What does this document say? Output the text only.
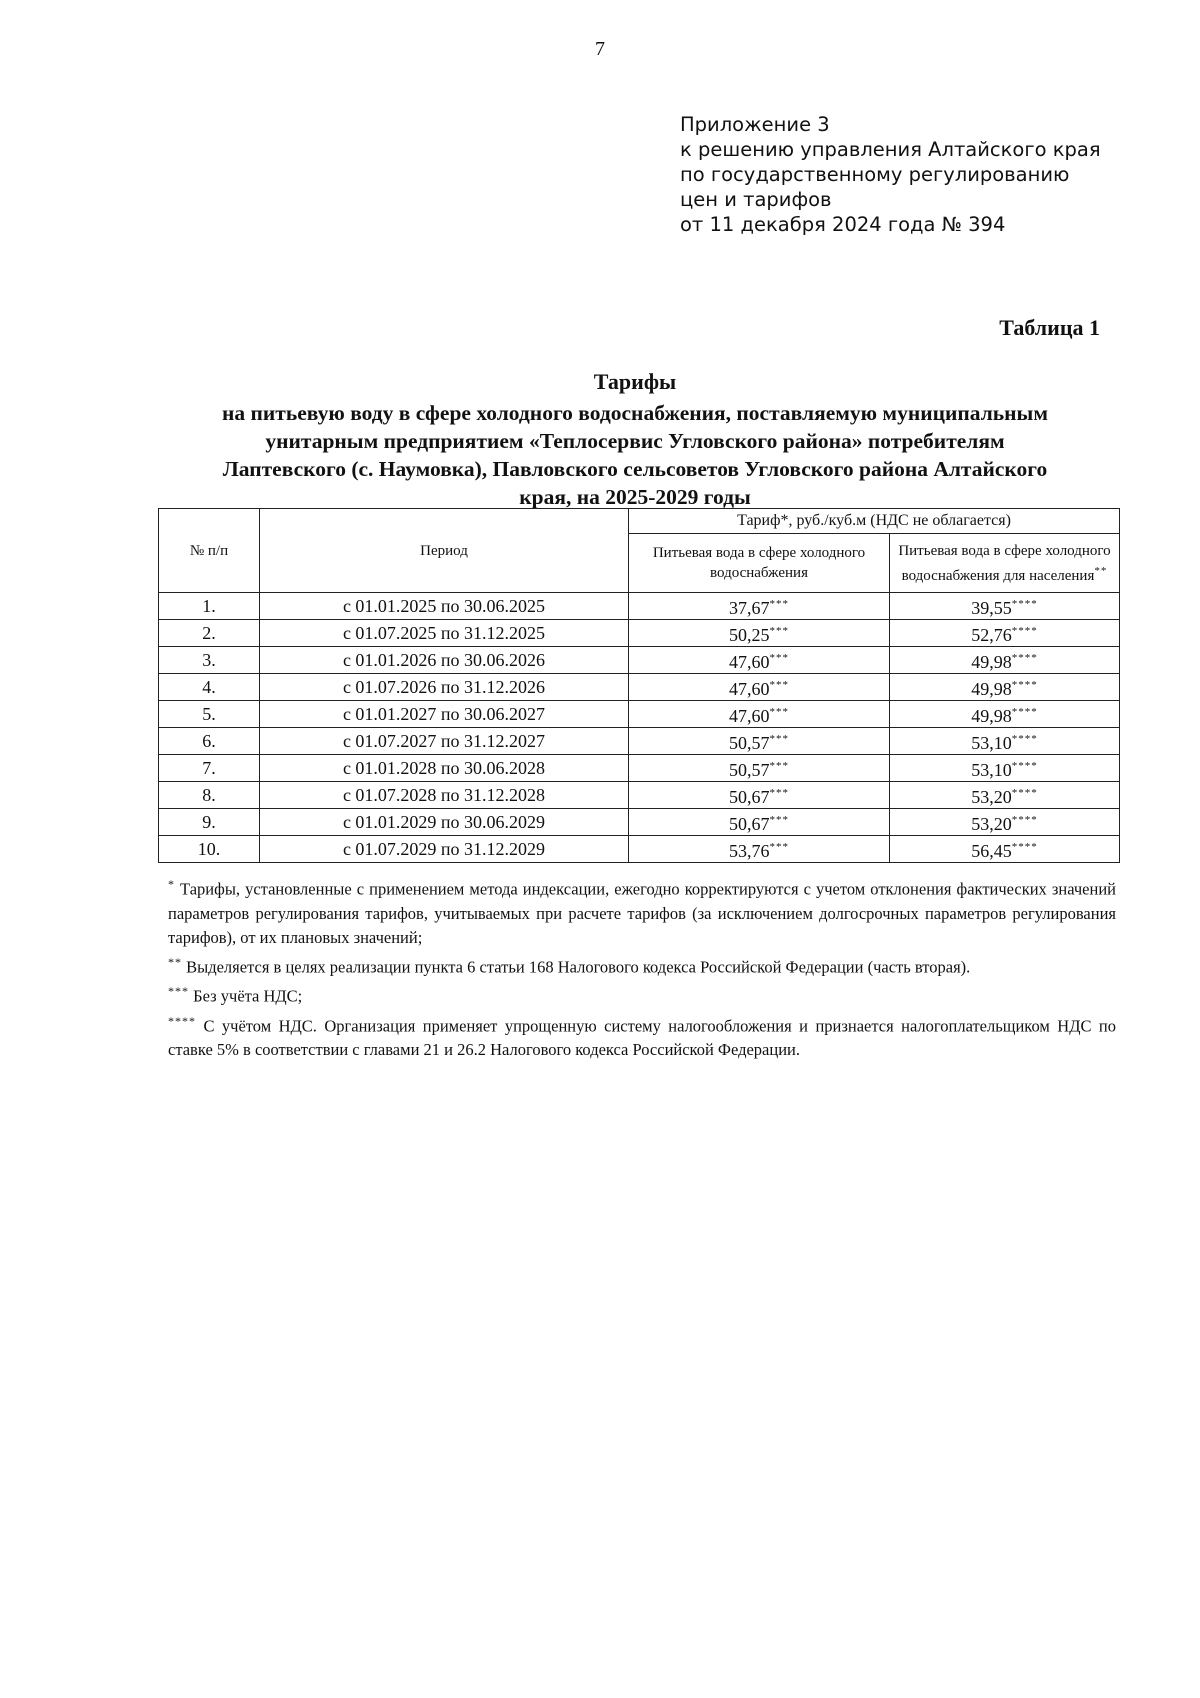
7
Приложение 3
к решению управления Алтайского края
по государственному регулированию
цен и тарифов
от 11 декабря 2024 года № 394
Таблица 1
Тарифы
на питьевую воду в сфере холодного водоснабжения, поставляемую муниципальным
унитарным предприятием «Теплосервис Угловского района» потребителям
Лаптевского (с. Наумовка), Павловского сельсоветов Угловского района Алтайского
края, на 2025-2029 годы
№ п/п	Период	Тариф*, руб./куб.м (НДС не облагается)	
		Питьевая вода в сфере холодного водоснабжения	Питьевая вода в сфере холодного водоснабжения для населения**
1.	с 01.01.2025 по 30.06.2025	37,67***	39,55****
2.	с 01.07.2025 по 31.12.2025	50,25***	52,76****
3.	с 01.01.2026 по 30.06.2026	47,60***	49,98****
4.	с 01.07.2026 по 31.12.2026	47,60***	49,98****
5.	с 01.01.2027 по 30.06.2027	47,60***	49,98****
6.	с 01.07.2027 по 31.12.2027	50,57***	53,10****
7.	с 01.01.2028 по 30.06.2028	50,57***	53,10****
8.	с 01.07.2028 по 31.12.2028	50,67***	53,20****
9.	с 01.01.2029 по 30.06.2029	50,67***	53,20****
10.	с 01.07.2029 по 31.12.2029	53,76***	56,45****

* Тарифы, установленные с применением метода индексации, ежегодно корректируются с учетом отклонения фактических значений параметров регулирования тарифов, учитываемых при расчете тарифов (за исключением долгосрочных параметров регулирования тарифов), от их плановых значений;

** Выделяется в целях реализации пункта 6 статьи 168 Налогового кодекса Российской Федерации (часть вторая).

*** Без учёта НДС;

**** С учётом НДС. Организация применяет упрощенную систему налогообложения и признается налогоплательщиком НДС по ставке 5% в соответствии с главами 21 и 26.2 Налогового кодекса Российской Федерации.
